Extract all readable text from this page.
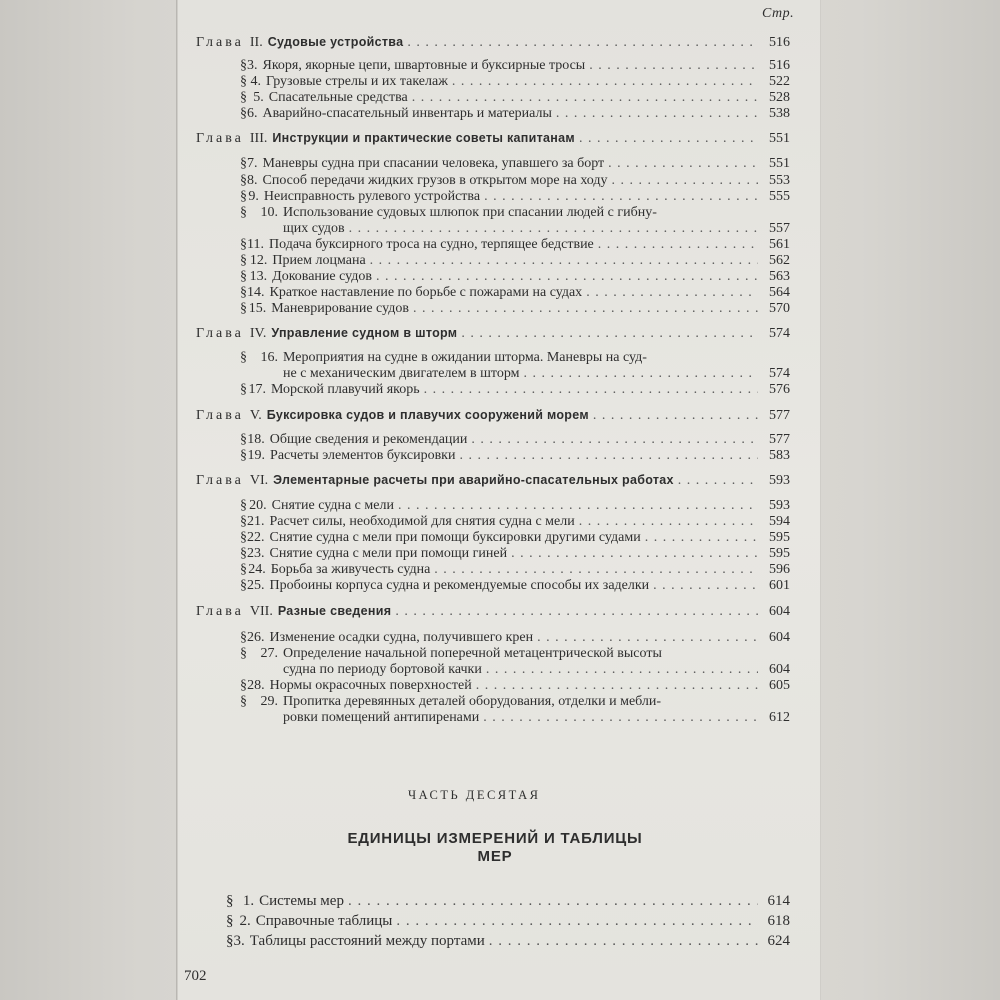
Стр.
Глава II. Судовые устройства . . .	516
§ 3. Якоря, якорные цепи, швартовные и буксирные тросы . . .	516
§ 4. Грузовые стрелы и их такелаж . . .	522
§ 5. Спасательные средства . . .	528
§ 6. Аварийно-спасательный инвентарь и материалы . . .	538
Глава III. Инструкции и практические советы капитанам . . .	551
§ 7. Маневры судна при спасании человека, упавшего за борт . . .	551
§ 8. Способ передачи жидких грузов в открытом море на ходу . . .	553
§ 9. Неисправность рулевого устройства . . .	555
§ 10. Использование судовых шлюпок при спасании людей с гибну-
щих судов . . .	557
§ 11. Подача буксирного троса на судно, терпящее бедствие . . .	561
§ 12. Прием лоцмана . . .	562
§ 13. Докование судов . . .	563
§ 14. Краткое наставление по борьбе с пожарами на судах . . .	564
§ 15. Маневрирование судов . . .	570
Глава IV. Управление судном в шторм . . .	574
§ 16. Мероприятия на судне в ожидании шторма. Маневры на суд-
не с механическим двигателем в шторм . . .	574
§ 17. Морской плавучий якорь . . .	576
Глава V. Буксировка судов и плавучих сооружений морем . . .	577
§ 18. Общие сведения и рекомендации . . .	577
§ 19. Расчеты элементов буксировки . . .	583
Глава VI. Элементарные расчеты при аварийно-спасательных работах . . .	593
§ 20. Снятие судна с мели . . .	593
§ 21. Расчет силы, необходимой для снятия судна с мели . . .	594
§ 22. Снятие судна с мели при помощи буксировки другими судами . . .	595
§ 23. Снятие судна с мели при помощи гиней . . .	595
§ 24. Борьба за живучесть судна . . .	596
§ 25. Пробоины корпуса судна и рекомендуемые способы их заделки . . .	601
Глава VII. Разные сведения . . .	604
§ 26. Изменение осадки судна, получившего крен . . .	604
§ 27. Определение начальной поперечной метацентрической высоты
судна по периоду бортовой качки . . .	604
§ 28. Нормы окрасочных поверхностей . . .	605
§ 29. Пропитка деревянных деталей оборудования, отделки и мебли-
ровки помещений антипиренами . . .	612
ЧАСТЬ ДЕСЯТАЯ
ЕДИНИЦЫ ИЗМЕРЕНИЙ И ТАБЛИЦЫ
МЕР
§ 1. Системы мер . . .	614
§ 2. Справочные таблицы . . .	618
§ 3. Таблицы расстояний между портами . . .	624
702
